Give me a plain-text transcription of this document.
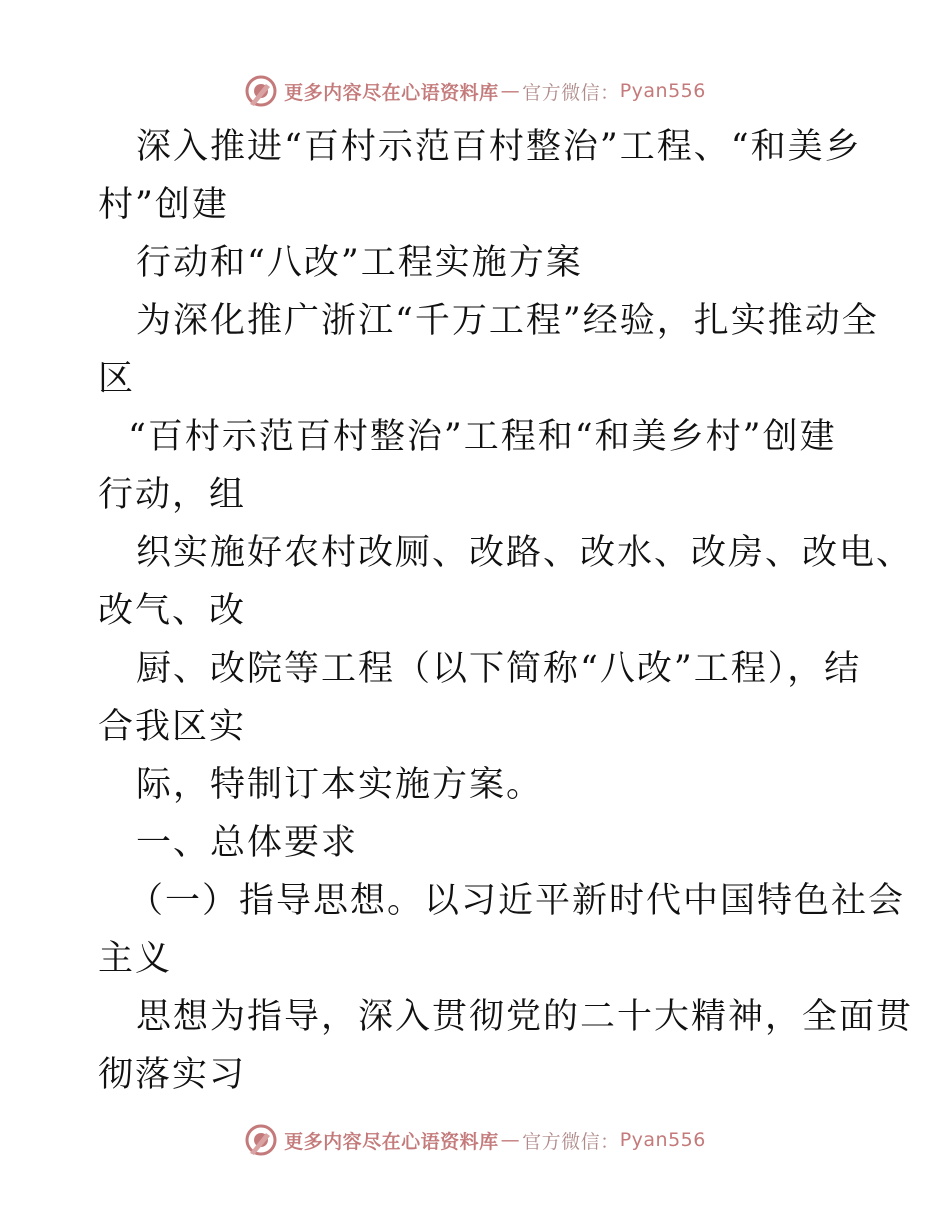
更多内容尽在心语资料库 — 官方微信： Pyan556
深入推进“百村示范百村整治”工程、“和美乡
村”创建
行动和“八改”工程实施方案
为深化推广浙江“千万工程”经验，扎实推动全
区
“百村示范百村整治”工程和“和美乡村”创建
行动，组
织实施好农村改厕、改路、改水、改房、改电、
改气、改
厨、改院等工程（以下简称“八改”工程），结
合我区实
际，特制订本实施方案。
一、总体要求
（一）指导思想。以习近平新时代中国特色社会
主义
思想为指导，深入贯彻党的二十大精神，全面贯
彻落实习
更多内容尽在心语资料库 — 官方微信： Pyan556
